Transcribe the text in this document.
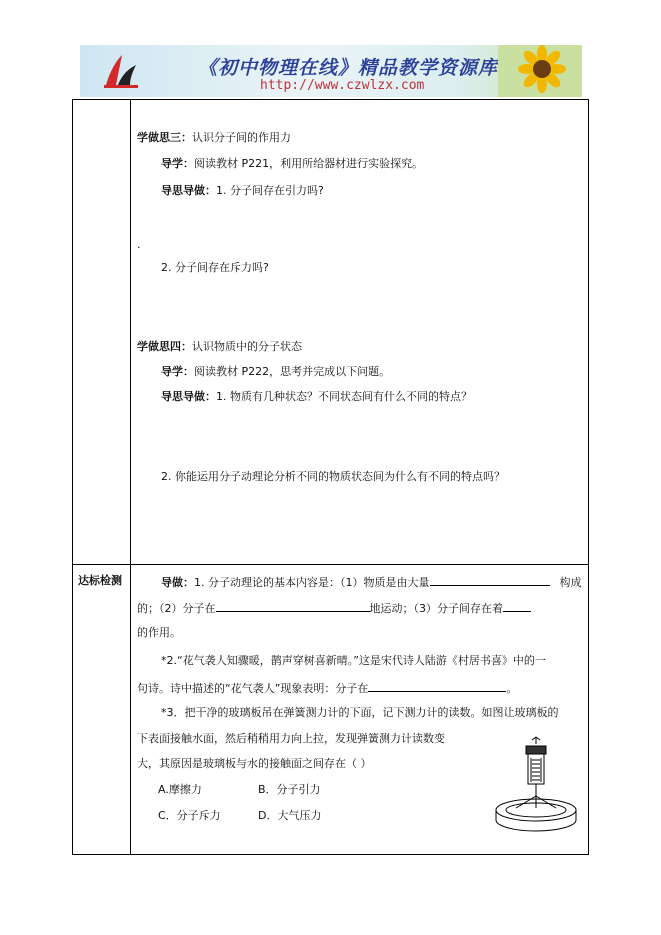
《初中物理在线》精品教学资源库
http://www.czwlzx.com
学做思三：认识分子间的作用力
导学：阅读教材 P221，利用所给器材进行实验探究。
导思导做：1. 分子间存在引力吗?
.
2. 分子间存在斥力吗?
学做思四：认识物质中的分子状态
导学：阅读教材 P222，思考并完成以下问题。
导思导做：1. 物质有几种状态？不同状态间有什么不同的特点？
2. 你能运用分子动理论分析不同的物质状态间为什么有不同的特点吗？
达标检测	导做：1. 分子动理论的基本内容是：（1）物质是由大量	构成
的；（2）分子在	地运动；（3）分子间存在着
的作用。
*2.“花气袭人知骤暖，鹊声穿树喜新晴。”这是宋代诗人陆游《村居书喜》中的一
句诗。诗中描述的“花气袭人”现象表明：分子在	。
*3．把干净的玻璃板吊在弹簧测力计的下面，记下测力计的读数。如图让玻璃板的
下表面接触水面，然后稍稍用力向上拉，发现弹簧测力计读数变
大，其原因是玻璃板与水的接触面之间存在（ ）
A.摩擦力	B．分子引力
C．分子斥力	D．大气压力
